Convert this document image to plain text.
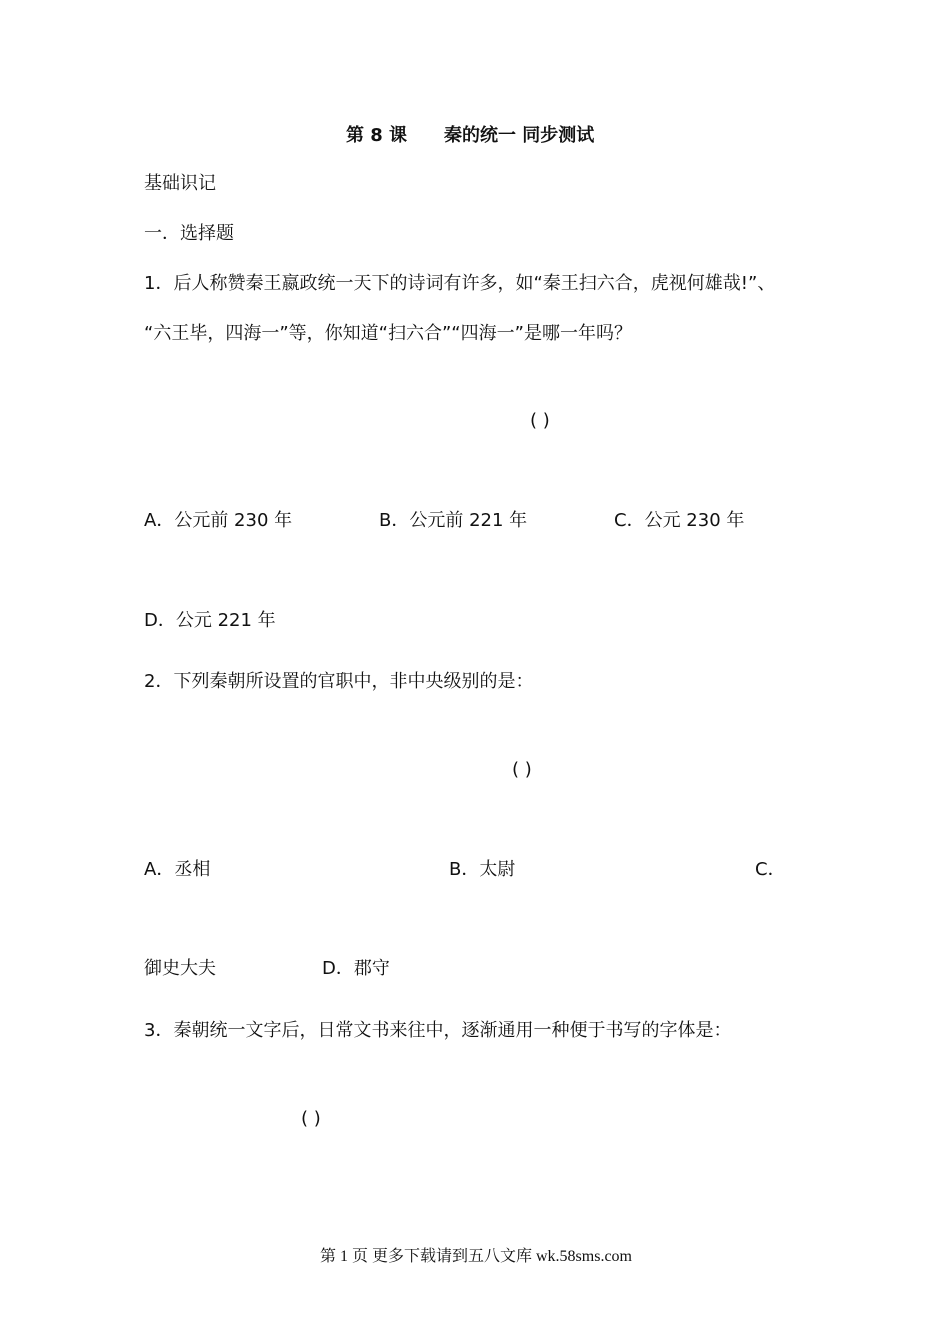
第 8 课 秦的统一 同步测试
基础识记
一．选择题
1．后人称赞秦王嬴政统一天下的诗词有许多，如“秦王扫六合，虎视何雄哉!”、
“六王毕，四海一”等，你知道“扫六合”“四海一”是哪一年吗？
( )
A．公元前 230 年	B．公元前 221 年	C．公元 230 年
D．公元 221 年
2．下列秦朝所设置的官职中，非中央级别的是：
( )
A．丞相	B．太尉	C．
御史大夫	D．郡守
3．秦朝统一文字后，日常文书来往中，逐渐通用一种便于书写的字体是：
( )
第 1 页 更多下载请到五八文库 wk.58sms.com
